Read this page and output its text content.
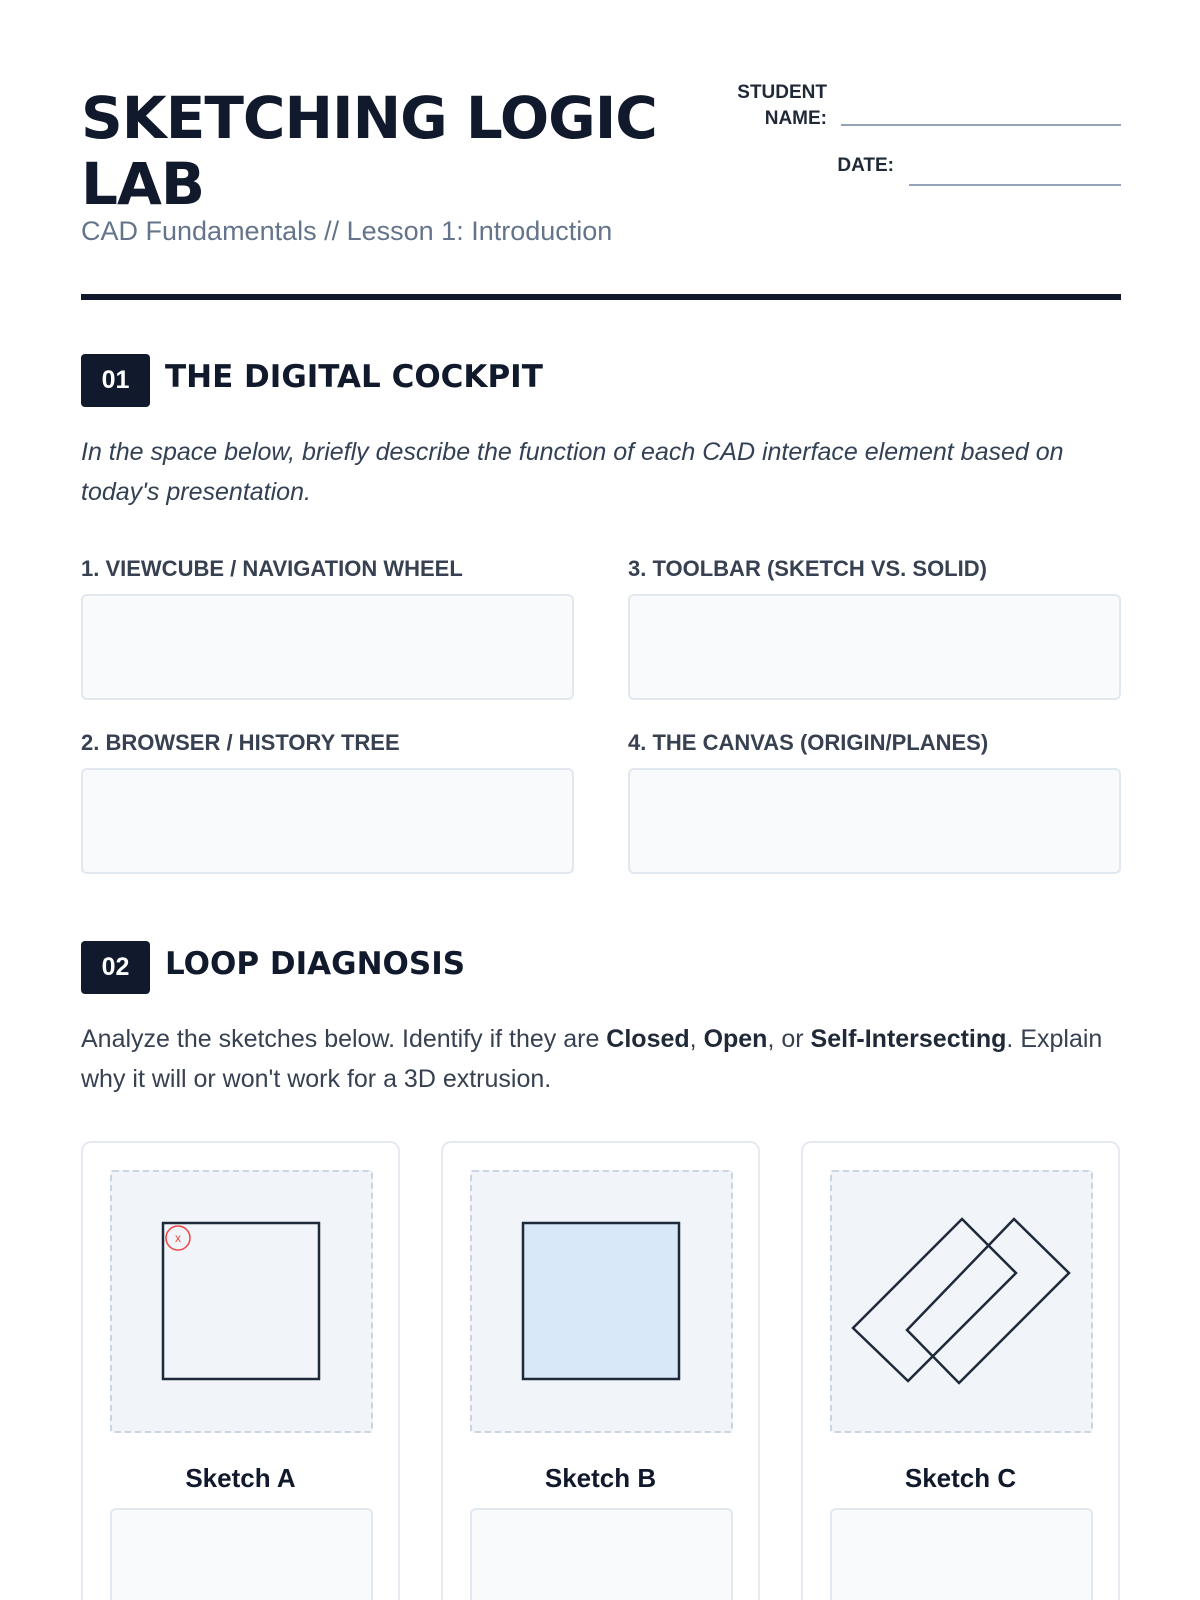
SKETCHING LOGIC LAB
CAD Fundamentals // Lesson 1: Introduction
STUDENT
NAME:
DATE:
01	THE DIGITAL COCKPIT
In the space below, briefly describe the function of each CAD interface element based on today's presentation.
1. VIEWCUBE / NAVIGATION WHEEL	3. TOOLBAR (SKETCH VS. SOLID)
2. BROWSER / HISTORY TREE	4. THE CANVAS (ORIGIN/PLANES)
02	LOOP DIAGNOSIS
Analyze the sketches below. Identify if they are Closed, Open, or Self-Intersecting. Explain why it will or won't work for a 3D extrusion.
x
Sketch A	Sketch B	Sketch C
